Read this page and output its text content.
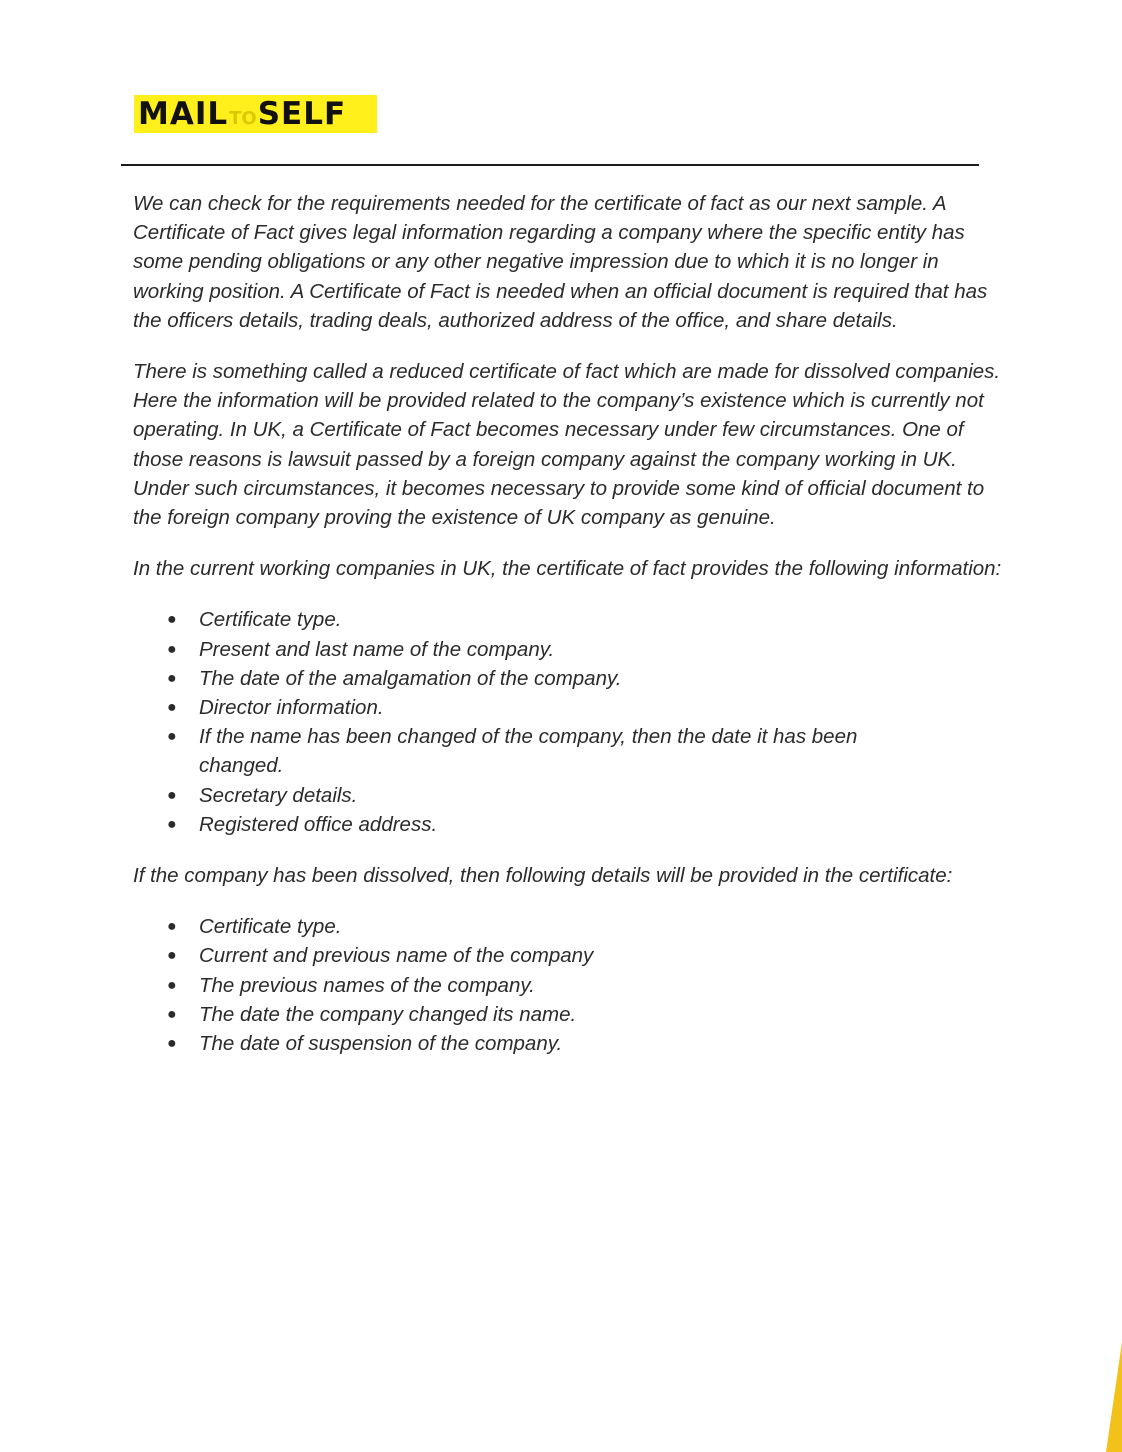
MAILTOSELF

We can check for the requirements needed for the certificate of fact as our next sample. A Certificate of Fact gives legal information regarding a company where the specific entity has some pending obligations or any other negative impression due to which it is no longer in working position. A Certificate of Fact is needed when an official document is required that has the officers details, trading deals, authorized address of the office, and share details.

There is something called a reduced certificate of fact which are made for dissolved companies. Here the information will be provided related to the company’s existence which is currently not operating. In UK, a Certificate of Fact becomes necessary under few circumstances. One of those reasons is lawsuit passed by a foreign company against the company working in UK. Under such circumstances, it becomes necessary to provide some kind of official document to the foreign company proving the existence of UK company as genuine.

In the current working companies in UK, the certificate of fact provides the following information:

● Certificate type.
● Present and last name of the company.
● The date of the amalgamation of the company.
● Director information.
● If the name has been changed of the company, then the date it has been changed.
● Secretary details.
● Registered office address.

If the company has been dissolved, then following details will be provided in the certificate:

● Certificate type.
● Current and previous name of the company
● The previous names of the company.
● The date the company changed its name.
● The date of suspension of the company.
